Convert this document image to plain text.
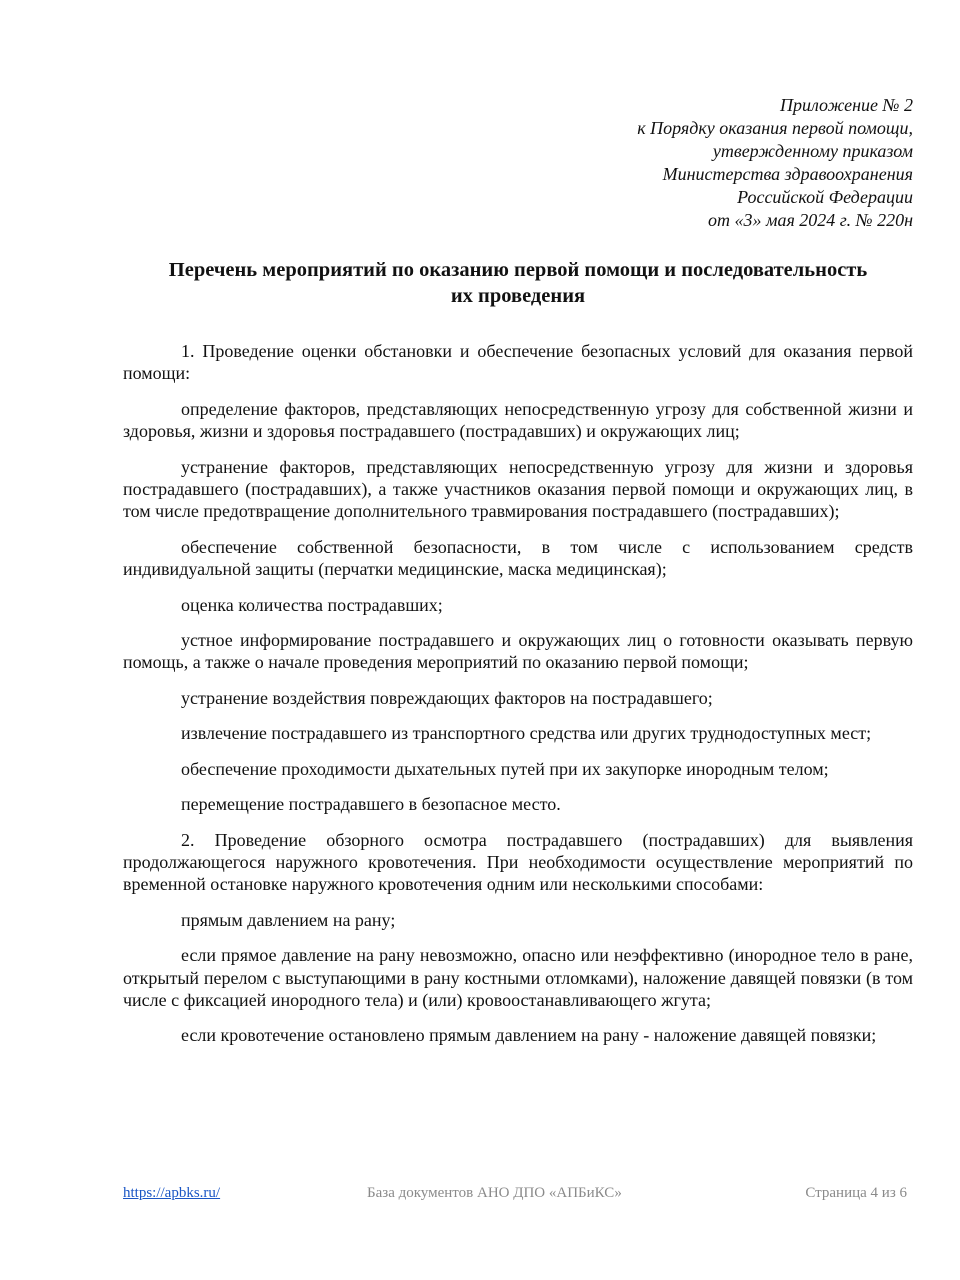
Приложение № 2
к Порядку оказания первой помощи,
утвержденному приказом
Министерства здравоохранения
Российской Федерации
от «3» мая 2024 г. № 220н
Перечень мероприятий по оказанию первой помощи и последовательность
их проведения

1. Проведение оценки обстановки и обеспечение безопасных условий для оказания первой помощи:

определение факторов, представляющих непосредственную угрозу для собственной жизни и здоровья, жизни и здоровья пострадавшего (пострадавших) и окружающих лиц;

устранение факторов, представляющих непосредственную угрозу для жизни и здоровья пострадавшего (пострадавших), а также участников оказания первой помощи и окружающих лиц, в том числе предотвращение дополнительного травмирования пострадавшего (пострадавших);

обеспечение собственной безопасности, в том числе с использованием средств индивидуальной защиты (перчатки медицинские, маска медицинская);

оценка количества пострадавших;

устное информирование пострадавшего и окружающих лиц о готовности оказывать первую помощь, а также о начале проведения мероприятий по оказанию первой помощи;

устранение воздействия повреждающих факторов на пострадавшего;

извлечение пострадавшего из транспортного средства или других труднодоступных мест;

обеспечение проходимости дыхательных путей при их закупорке инородным телом;

перемещение пострадавшего в безопасное место.

2. Проведение обзорного осмотра пострадавшего (пострадавших) для выявления продолжающегося наружного кровотечения. При необходимости осуществление мероприятий по временной остановке наружного кровотечения одним или несколькими способами:

прямым давлением на рану;

если прямое давление на рану невозможно, опасно или неэффективно (инородное тело в ране, открытый перелом с выступающими в рану костными отломками), наложение давящей повязки (в том числе с фиксацией инородного тела) и (или) кровоостанавливающего жгута;

если кровотечение остановлено прямым давлением на рану - наложение давящей повязки;

https://apbks.ru/	База документов АНО ДПО «АПБиКС»	Страница 4 из 6
